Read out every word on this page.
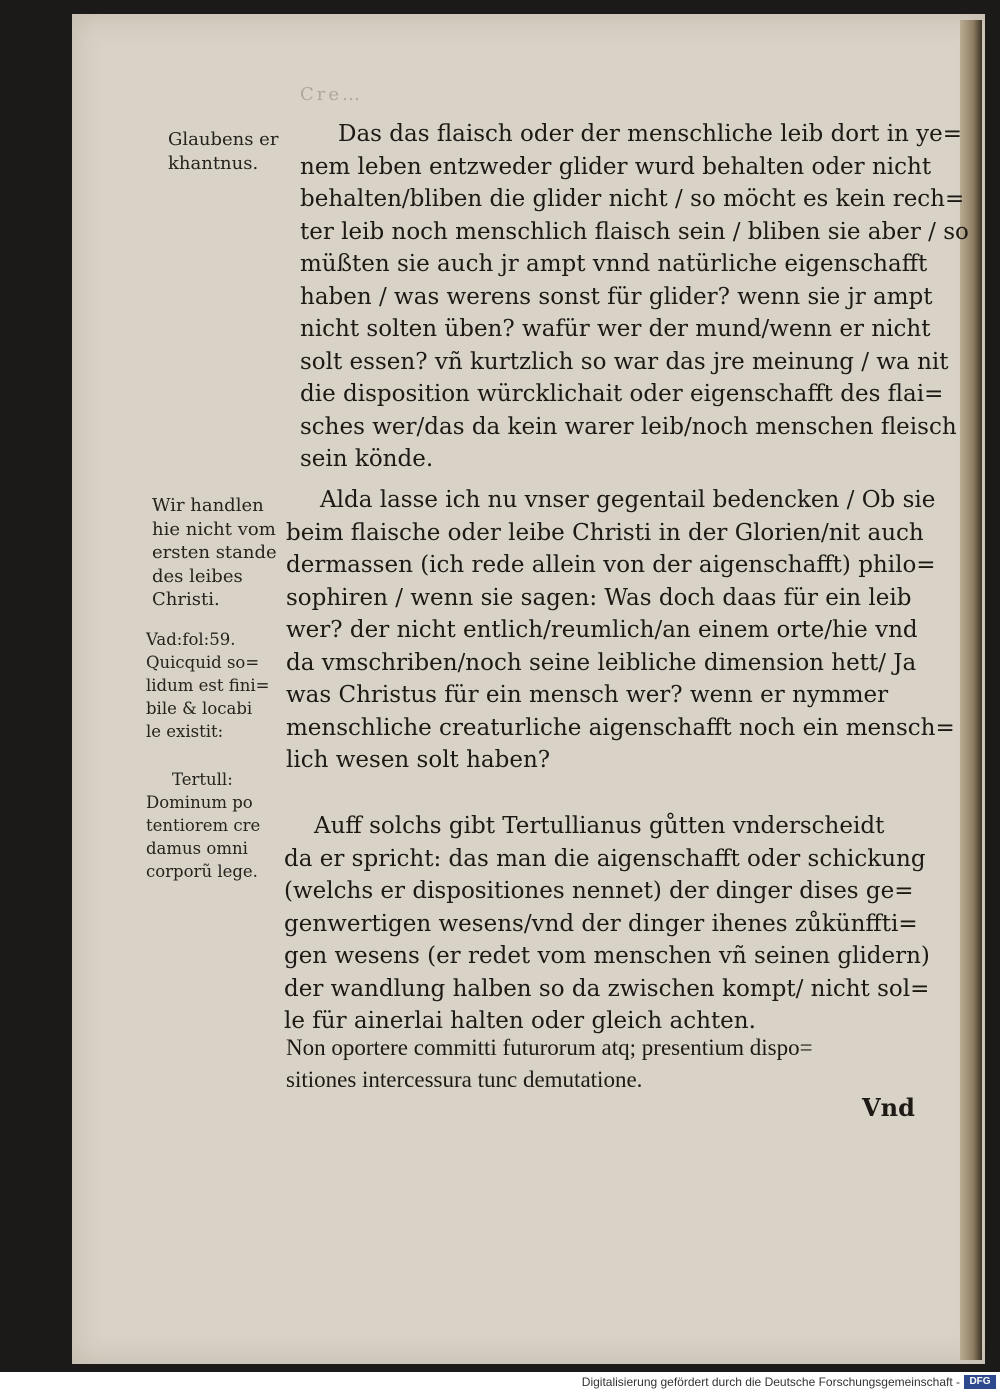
Cre…
Glaubens er
khantnus.
Das das flaisch oder der menschliche leib dort in ye=
nem leben entzweder glider wurd behalten oder nicht
behalten/bliben die glider nicht / so möcht es kein rech=
ter leib noch menschlich flaisch sein / bliben sie aber / so
müßten sie auch jr ampt vnnd natürliche eigenschafft
haben / was werens sonst für glider? wenn sie jr ampt
nicht solten üben? wafür wer der mund/wenn er nicht
solt essen? vñ kurtzlich so war das jre meinung / wa nit
die disposition würcklichait oder eigenschafft des flai=
sches wer/das da kein warer leib/noch menschen fleisch
sein könde.
Wir handlen
hie nicht vom
ersten stande
des leibes
Christi.
Vad:fol:59.
Quicquid so=
lidum est fini=
bile & locabi
le existit:
Alda lasse ich nu vnser gegentail bedencken / Ob sie
beim flaische oder leibe Christi in der Glorien/nit auch
dermassen (ich rede allein von der aigenschafft) philo=
sophiren / wenn sie sagen: Was doch daas für ein leib
wer? der nicht entlich/reumlich/an einem orte/hie vnd
da vmschriben/noch seine leibliche dimension hett/ Ja
was Christus für ein mensch wer? wenn er nymmer
menschliche creaturliche aigenschafft noch ein mensch=
lich wesen solt haben?
Tertull:
Dominum po
tentiorem cre
damus omni
corporũ lege.
Auff solchs gibt Tertullianus gůtten vnderscheidt
da er spricht: das man die aigenschafft oder schickung
(welchs er dispositiones nennet) der dinger dises ge=
genwertigen wesens/vnd der dinger ihenes zůkünffti=
gen wesens (er redet vom menschen vñ seinen glidern)
der wandlung halben so da zwischen kompt/ nicht sol=
le für ainerlai halten oder gleich achten.
Non oportere committi futurorum atq; presentium dispo=
sitiones intercessura tunc demutatione.
Vnd
Digitalisierung gefördert durch die Deutsche Forschungsgemeinschaft - DFG
